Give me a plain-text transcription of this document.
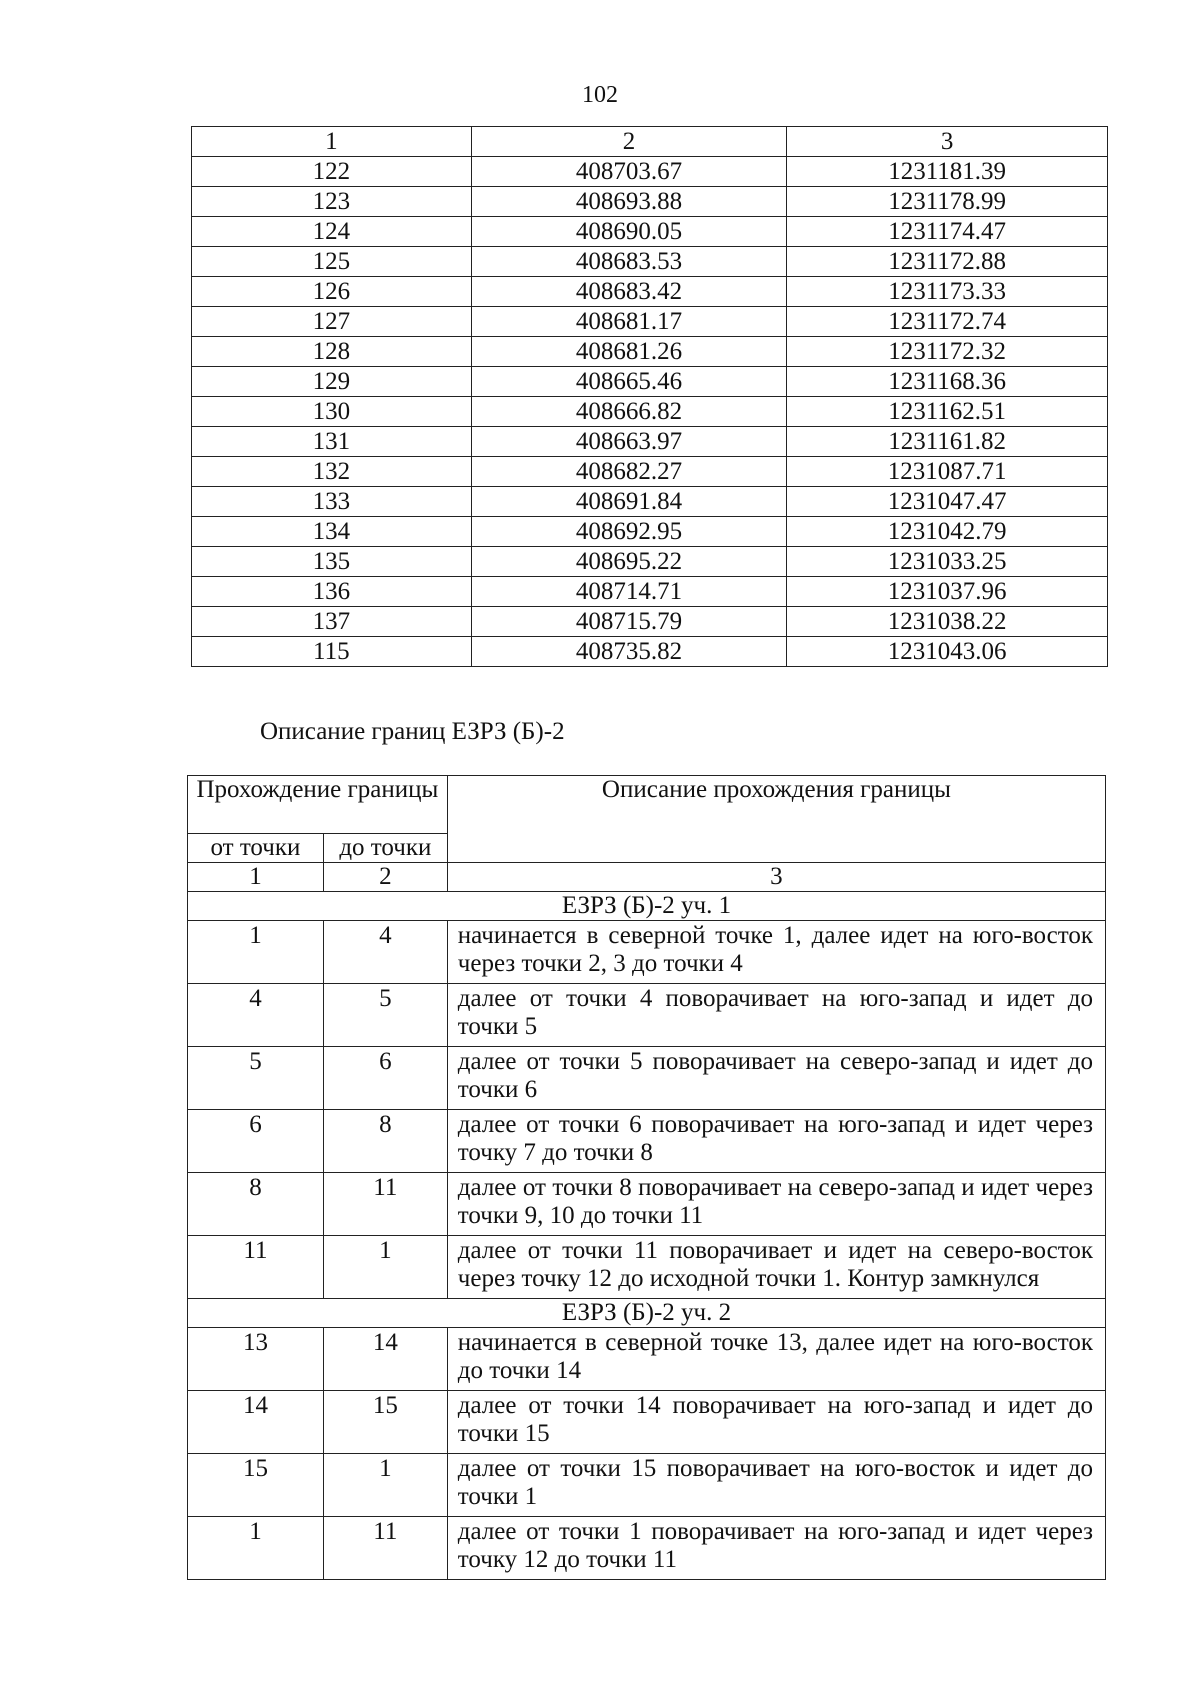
102
1	2	3
122	408703.67	1231181.39
123	408693.88	1231178.99
124	408690.05	1231174.47
125	408683.53	1231172.88
126	408683.42	1231173.33
127	408681.17	1231172.74
128	408681.26	1231172.32
129	408665.46	1231168.36
130	408666.82	1231162.51
131	408663.97	1231161.82
132	408682.27	1231087.71
133	408691.84	1231047.47
134	408692.95	1231042.79
135	408695.22	1231033.25
136	408714.71	1231037.96
137	408715.79	1231038.22
115	408735.82	1231043.06
Описание границ ЕЗРЗ (Б)-2
Прохождение границы		Описание прохождения границы
от точки	до точки	
1	2	3
ЕЗРЗ (Б)-2 уч. 1		
1	4	начинается в северной точке 1, далее идет на юго-восток через точки 2, 3 до точки 4
4	5	далее от точки 4 поворачивает на юго-запад и идет до точки 5
5	6	далее от точки 5 поворачивает на северо-запад и идет до точки 6
6	8	далее от точки 6 поворачивает на юго-запад и идет через точку 7 до точки 8
8	11	далее от точки 8 поворачивает на северо-запад и идет через точки 9, 10 до точки 11
11	1	далее от точки 11 поворачивает и идет на северо-восток через точку 12 до исходной точки 1. Контур замкнулся
ЕЗРЗ (Б)-2 уч. 2		
13	14	начинается в северной точке 13, далее идет на юго-восток до точки 14
14	15	далее от точки 14 поворачивает на юго-запад и идет до точки 15
15	1	далее от точки 15 поворачивает на юго-восток и идет до точки 1
1	11	далее от точки 1 поворачивает на юго-запад и идет через точку 12 до точки 11
